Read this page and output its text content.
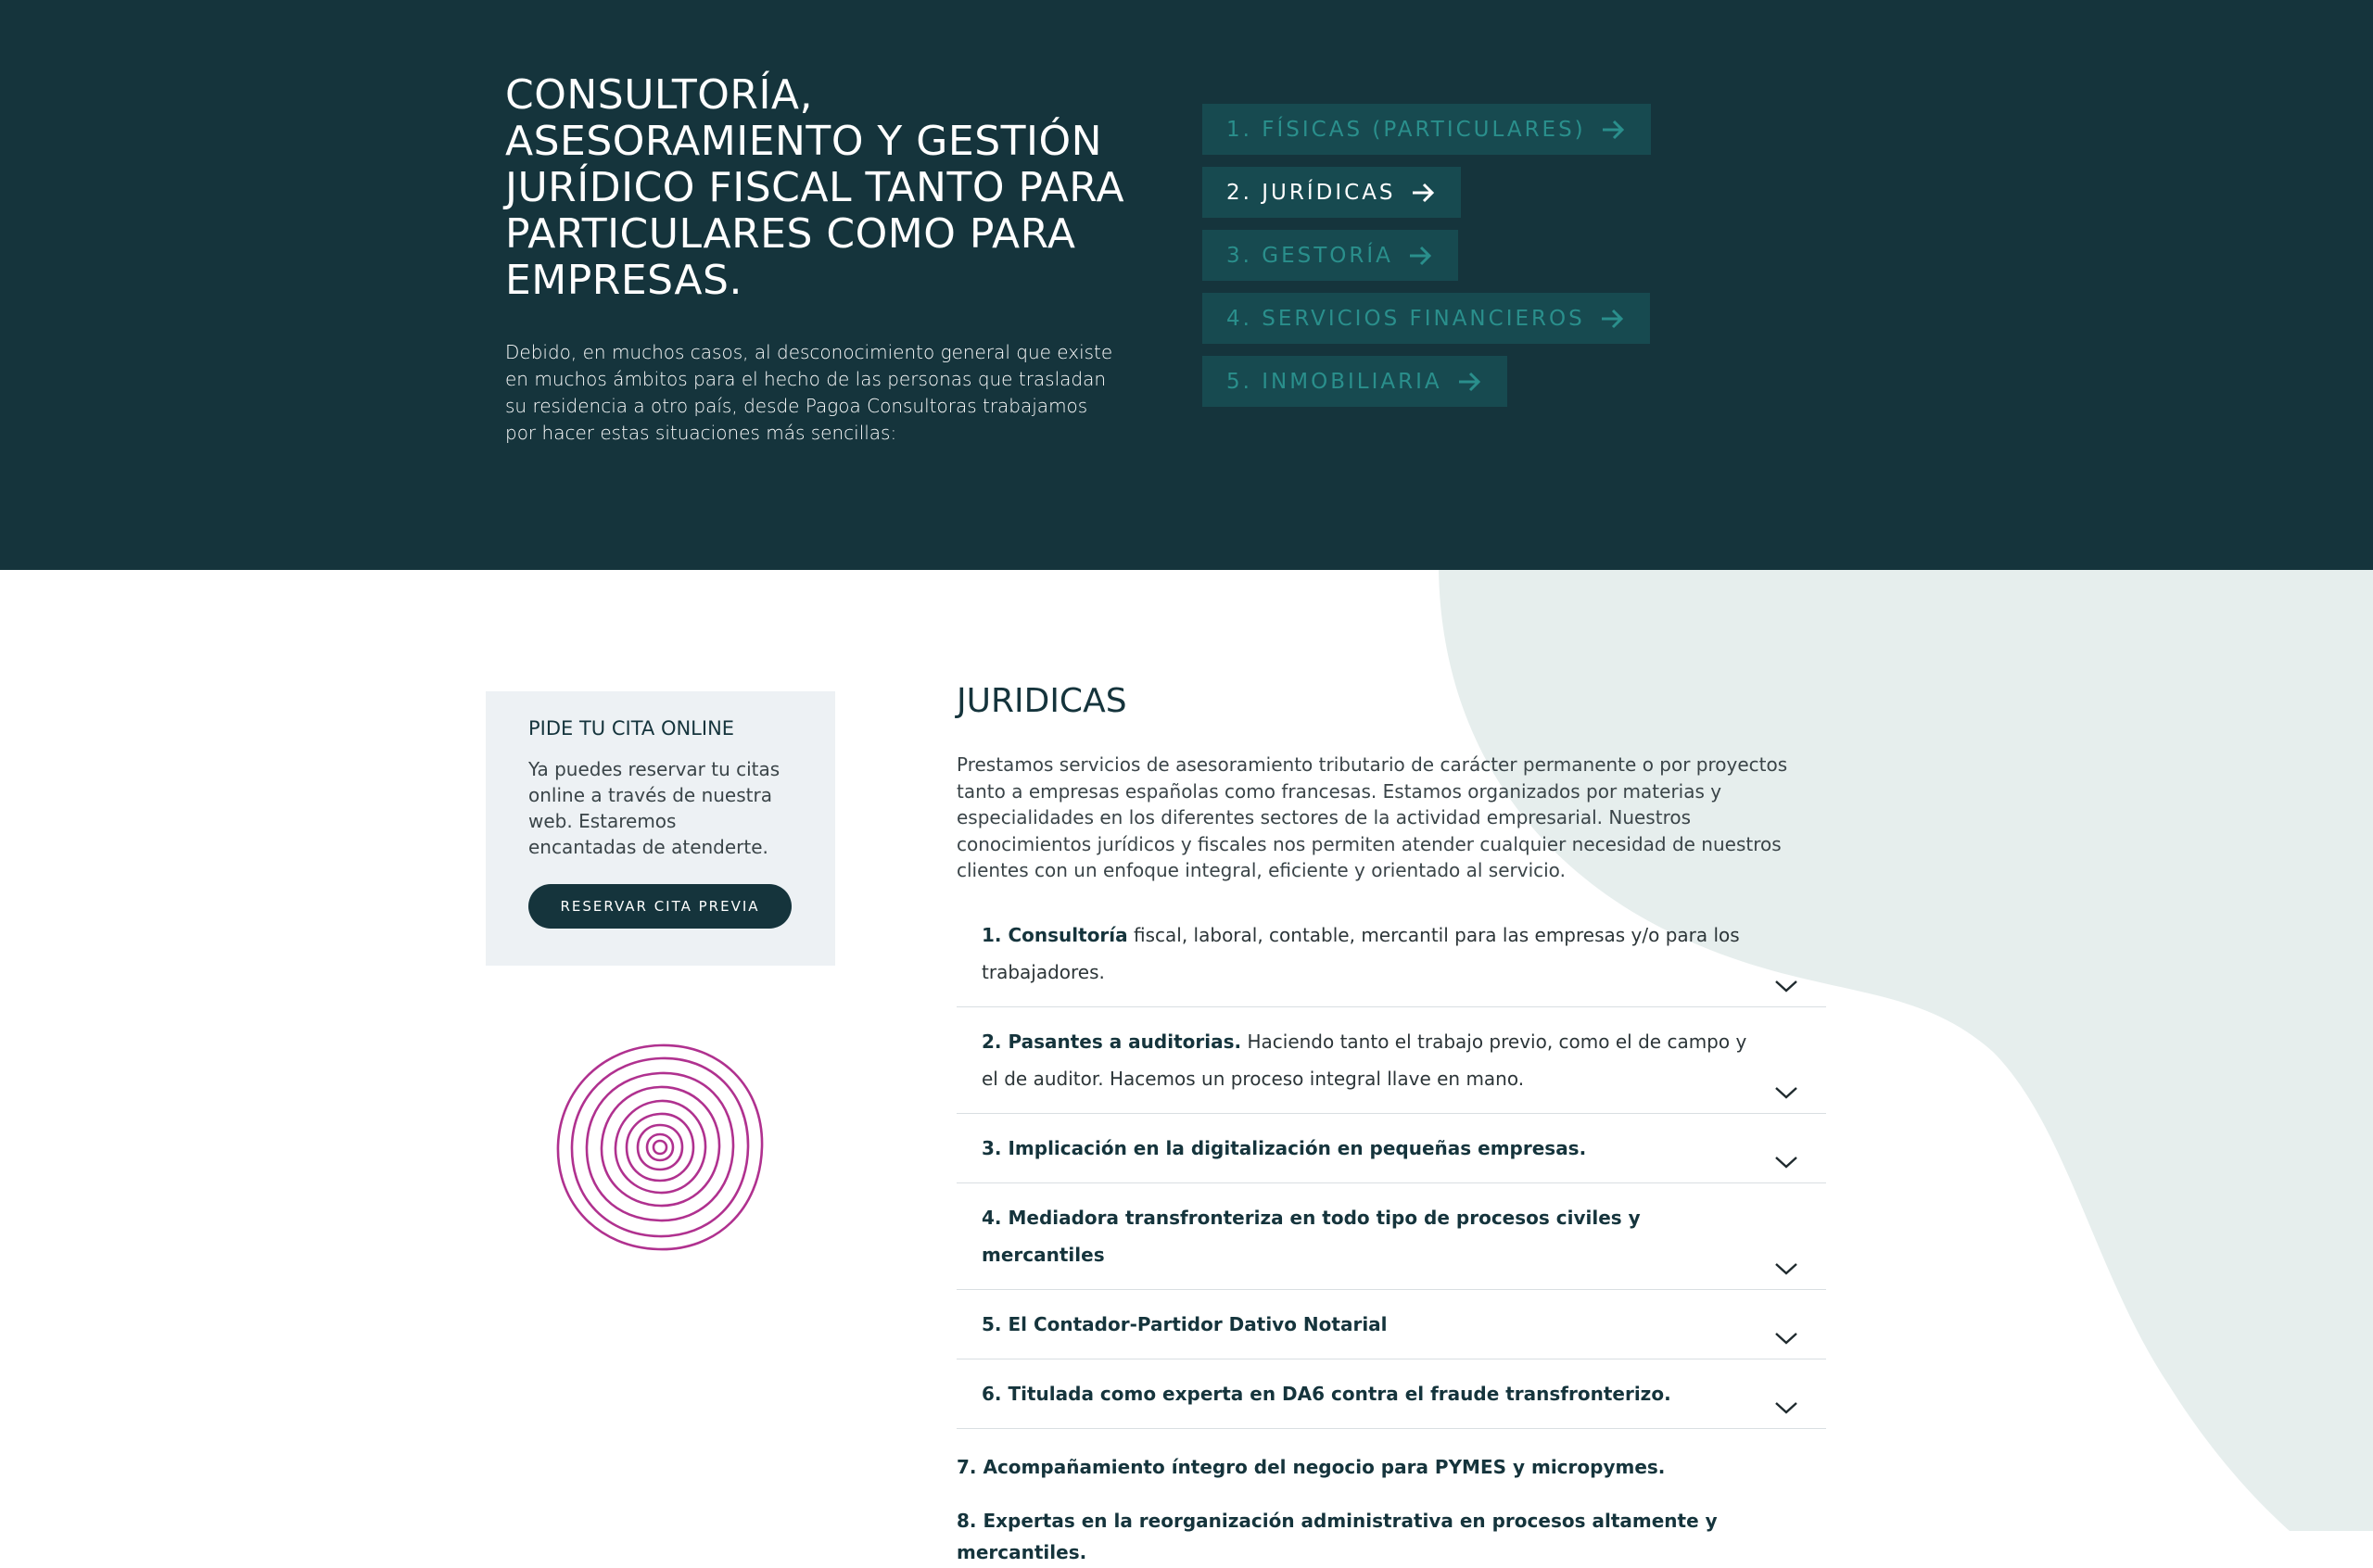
CONSULTORÍA, ASESORAMIENTO Y GESTIÓN JURÍDICO FISCAL TANTO PARA PARTICULARES COMO PARA EMPRESAS.

Debido, en muchos casos, al desconocimiento general que existe en muchos ámbitos para el hecho de las personas que trasladan su residencia a otro país, desde Pagoa Consultoras trabajamos por hacer estas situaciones más sencillas:

1. FÍSICAS (PARTICULARES)
2. JURÍDICAS
3. GESTORÍA
4. SERVICIOS FINANCIEROS
5. INMOBILIARIA
PIDE TU CITA ONLINE

Ya puedes reservar tu citas online a través de nuestra web. Estaremos encantadas de atenderte.

RESERVAR CITA PREVIA
JURIDICAS

Prestamos servicios de asesoramiento tributario de carácter permanente o por proyectos tanto a empresas españolas como francesas. Estamos organizados por materias y especialidades en los diferentes sectores de la actividad empresarial. Nuestros conocimientos jurídicos y fiscales nos permiten atender cualquier necesidad de nuestros clientes con un enfoque integral, eficiente y orientado al servicio.

1. Consultoría fiscal, laboral, contable, mercantil para las empresas y/o para los trabajadores.
2. Pasantes a auditorias. Haciendo tanto el trabajo previo, como el de campo y el de auditor. Hacemos un proceso integral llave en mano.
3. Implicación en la digitalización en pequeñas empresas.
4. Mediadora transfronteriza en todo tipo de procesos civiles y mercantiles
5. El Contador-Partidor Dativo Notarial
6. Titulada como experta en DA6 contra el fraude transfronterizo.

7. Acompañamiento íntegro del negocio para PYMES y micropymes.

8. Expertas en la reorganización administrativa en procesos altamente y mercantiles.
